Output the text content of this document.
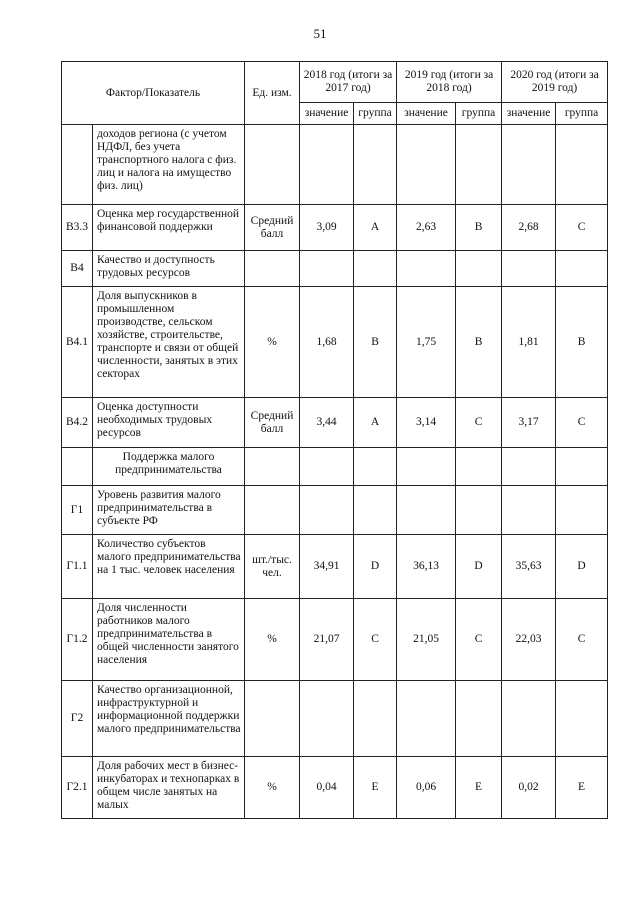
51
Фактор/Показатель		Ед. изм.	2018 год (итоги за 2017 год)		2019 год (итоги за 2018 год)		2020 год (итоги за 2019 год)	
			значение	группа	значение	группа	значение	группа
	доходов региона (с учетом НДФЛ, без учета транспортного налога с физ. лиц и налога на имущество физ. лиц)							
В3.3	Оценка мер государственной финансовой поддержки	Средний балл	3,09	А	2,63	В	2,68	С
В4	Качество и доступность трудовых ресурсов							
В4.1	Доля выпускников в промышленном производстве, сельском хозяйстве, строительстве, транспорте и связи от общей численности, занятых в этих секторах	%	1,68	В	1,75	В	1,81	В
В4.2	Оценка доступности необходимых трудовых ресурсов	Средний балл	3,44	А	3,14	С	3,17	С
	Поддержка малого предпринимательства							
Г1	Уровень развития малого предпринимательства в субъекте РФ							
Г1.1	Количество субъектов малого предпринимательства на 1 тыс. человек населения	шт./тыс. чел.	34,91	D	36,13	D	35,63	D
Г1.2	Доля численности работников малого предпринимательства в общей численности занятого населения	%	21,07	С	21,05	С	22,03	С
Г2	Качество организационной, инфраструктурной и информационной поддержки малого предпринимательства							
Г2.1	Доля рабочих мест в бизнес-инкубаторах и технопарках в общем числе занятых на малых	%	0,04	Е	0,06	Е	0,02	Е
